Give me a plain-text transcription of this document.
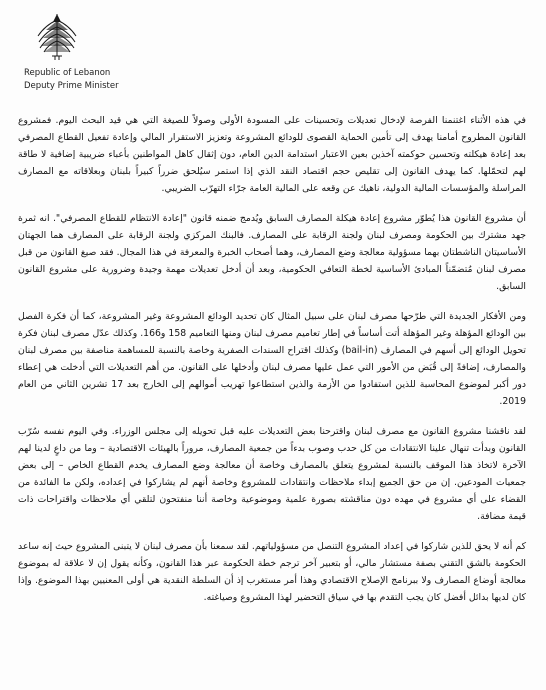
Republic of Lebanon
Deputy Prime Minister

في هذه الأثناء اغتنمنا الفرصة لإدخال تعديلات وتحسينات على المسودة الأولى وصولاً للصيغة التي هي قيد البحث اليوم. فمشروع القانون المطروح أمامنا يهدف إلى تأمين الحماية القصوى للودائع المشروعة وتعزيز الاستقرار المالي وإعادة تفعيل القطاع المصرفي بعد إعادة هيكلته وتحسين حوكمته آخذين بعين الاعتبار استدامة الدين العام، دون إثقال كاهل المواطنين بأعباء ضريبية إضافية لا طاقة لهم لتحمّلها. كما يهدف القانون إلى تقليص حجم اقتصاد النقد الذي إذا استمر سيُلحق ضرراً كبيراً بلبنان وبعلاقاته مع المصارف المراسلة والمؤسسات المالية الدولية، ناهيك عن وقعه على المالية العامة جرّاء التهرّب الضريبي.

أن مشروع القانون هذا يُطوّر مشروع إعادة هيكلة المصارف السابق ويُدمج ضمنه قانون "إعادة الانتظام للقطاع المصرفي". انه ثمرة جهد مشترك بين الحكومة ومصرف لبنان ولجنة الرقابة على المصارف. فالبنك المركزي ولجنة الرقابة على المصارف هما الجهتان الأساسيتان الناشطتان بهما مسؤولية معالجة وضع المصارف، وهما أصحاب الخبرة والمعرفة في هذا المجال. فقد صيغ القانون من قبل مصرف لبنان مُتضمّناً المبادئ الأساسية لخطة التعافي الحكومية، وبعد أن أدخل تعديلات مهمة وجيدة وضرورية على مشروع القانون السابق.

ومن الأفكار الجديدة التي طرّحها مصرف لبنان على سبيل المثال كان تحديد الودائع المشروعة وغير المشروعة، كما أن فكرة الفصل بين الودائع المؤهلة وغير المؤهلة أتت أساساً في إطار تعاميم مصرف لبنان ومنها التعاميم 158 و166. وكذلك عدّل مصرف لبنان فكرة تحويل الودائع إلى أسهم في المصارف (bail-in) وكذلك اقتراح السندات الصفرية وخاصة بالنسبة للمساهمة مناصفة بين مصرف لبنان والمصارف، إضافةً إلى قُبَض من الأمور التي عمل عليها مصرف لبنان وأدخلها على القانون. من أهم التعديلات التي أدخلت هي إعطاء دور أكبر لموضوع المحاسبة للذين استفادوا من الأزمة والذين استطاعوا تهريب أموالهم إلى الخارج بعد 17 تشرين الثاني من العام 2019.

لقد ناقشنا مشروع القانون مع مصرف لبنان واقترحنا بعض التعديلات عليه قبل تحويله إلى مجلس الوزراء. وفي اليوم نفسه سُرّب القانون وبدأت تنهال علينا الانتقادات من كل حدب وصوب بدءاً من جمعية المصارف، مروراً بالهيئات الاقتصادية – وما من داعٍ لدينا لهم الآخرة لاتخاذ هذا الموقف بالنسبة لمشروع يتعلق بالمصارف وخاصة أن معالجة وضع المصارف يخدم القطاع الخاص – إلى بعض جمعيات المودعين. إن من حق الجميع إبداء ملاحظات وانتقادات للمشروع وخاصة أنهم لم يشاركوا في إعداده، ولكن ما الفائدة من القضاء على أي مشروع في مهده دون مناقشته بصورة علمية وموضوعية وخاصة أننا منفتحون لتلقي أي ملاحظات واقتراحات ذات قيمة مضافة.

كم أنه لا يحق للذين شاركوا في إعداد المشروع التنصل من مسؤولياتهم. لقد سمعنا بأن مصرف لبنان لا يتبنى المشروع حيث إنه ساعد الحكومة بالشق التقني بصفة مستشار مالي، أو بتعبير آخر ترجم خطة الحكومة عبر هذا القانون، وكأنه يقول إن لا علاقة له بموضوع معالجة أوضاع المصارف ولا ببرنامج الإصلاح الاقتصادي وهذا أمر مستغرب إذ أن السلطة النقدية هي أولى المعنيين بهذا الموضوع. وإذا كان لديها بدائل أفضل كان يجب التقدم بها في سياق التحضير لهذا المشروع وصياغته.
